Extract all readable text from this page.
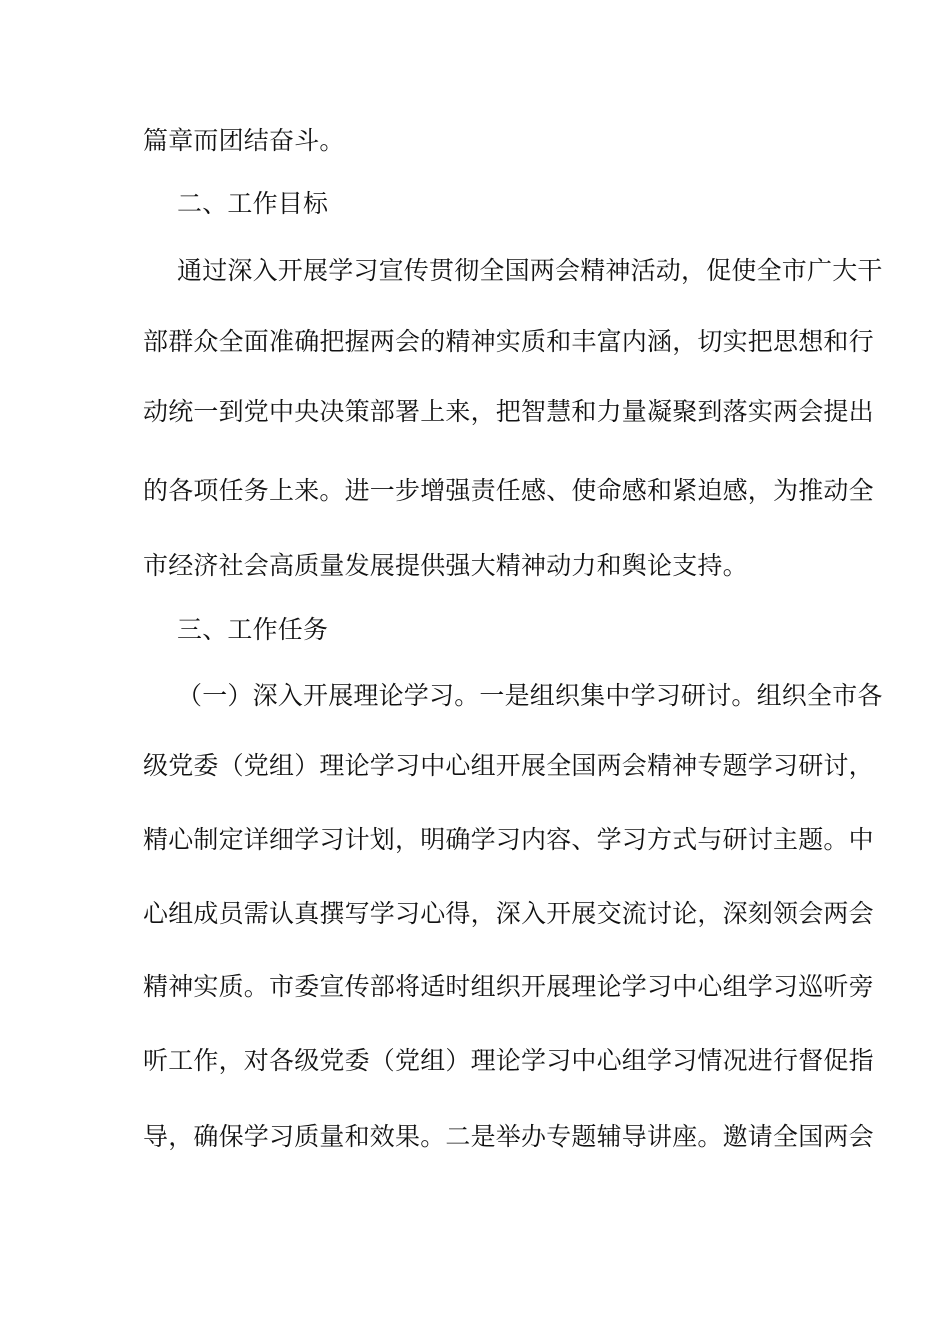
篇章而团结奋斗。
二、工作目标
通过深入开展学习宣传贯彻全国两会精神活动，促使全市广大干
部群众全面准确把握两会的精神实质和丰富内涵，切实把思想和行
动统一到党中央决策部署上来，把智慧和力量凝聚到落实两会提出
的各项任务上来。进一步增强责任感、使命感和紧迫感，为推动全
市经济社会高质量发展提供强大精神动力和舆论支持。
三、工作任务
（一）深入开展理论学习。一是组织集中学习研讨。组织全市各
级党委（党组）理论学习中心组开展全国两会精神专题学习研讨，
精心制定详细学习计划，明确学习内容、学习方式与研讨主题。中
心组成员需认真撰写学习心得，深入开展交流讨论，深刻领会两会
精神实质。市委宣传部将适时组织开展理论学习中心组学习巡听旁
听工作，对各级党委（党组）理论学习中心组学习情况进行督促指
导，确保学习质量和效果。二是举办专题辅导讲座。邀请全国两会
